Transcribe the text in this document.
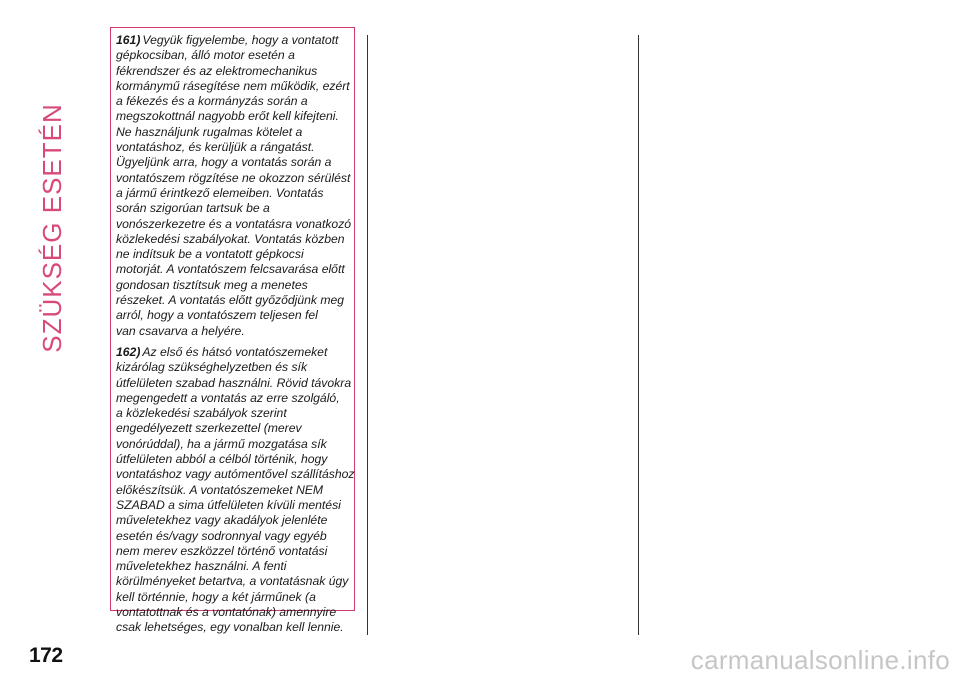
SZÜKSÉG ESETÉN

161) Vegyük figyelembe, hogy a vontatott
gépkocsiban, álló motor esetén a
fékrendszer és az elektromechanikus
kormánymű rásegítése nem működik, ezért
a fékezés és a kormányzás során a
megszokottnál nagyobb erőt kell kifejteni.
Ne használjunk rugalmas kötelet a
vontatáshoz, és kerüljük a rángatást.
Ügyeljünk arra, hogy a vontatás során a
vontatószem rögzítése ne okozzon sérülést
a jármű érintkező elemeiben. Vontatás
során szigorúan tartsuk be a
vonószerkezetre és a vontatásra vonatkozó
közlekedési szabályokat. Vontatás közben
ne indítsuk be a vontatott gépkocsi
motorját. A vontatószem felcsavarása előtt
gondosan tisztítsuk meg a menetes
részeket. A vontatás előtt győződjünk meg
arról, hogy a vontatószem teljesen fel
van csavarva a helyére.

162) Az első és hátsó vontatószemeket
kizárólag szükséghelyzetben és sík
útfelületen szabad használni. Rövid távokra
megengedett a vontatás az erre szolgáló,
a közlekedési szabályok szerint
engedélyezett szerkezettel (merev
vonórúddal), ha a jármű mozgatása sík
útfelületen abból a célból történik, hogy
vontatáshoz vagy autómentővel szállításhoz
előkészítsük. A vontatószemeket NEM
SZABAD a sima útfelületen kívüli mentési
műveletekhez vagy akadályok jelenléte
esetén és/vagy sodronnyal vagy egyéb
nem merev eszközzel történő vontatási
műveletekhez használni. A fenti
körülményeket betartva, a vontatásnak úgy
kell történnie, hogy a két járműnek (a
vontatottnak és a vontatónak) amennyire
csak lehetséges, egy vonalban kell lennie.

172	carmanualsonline.info
